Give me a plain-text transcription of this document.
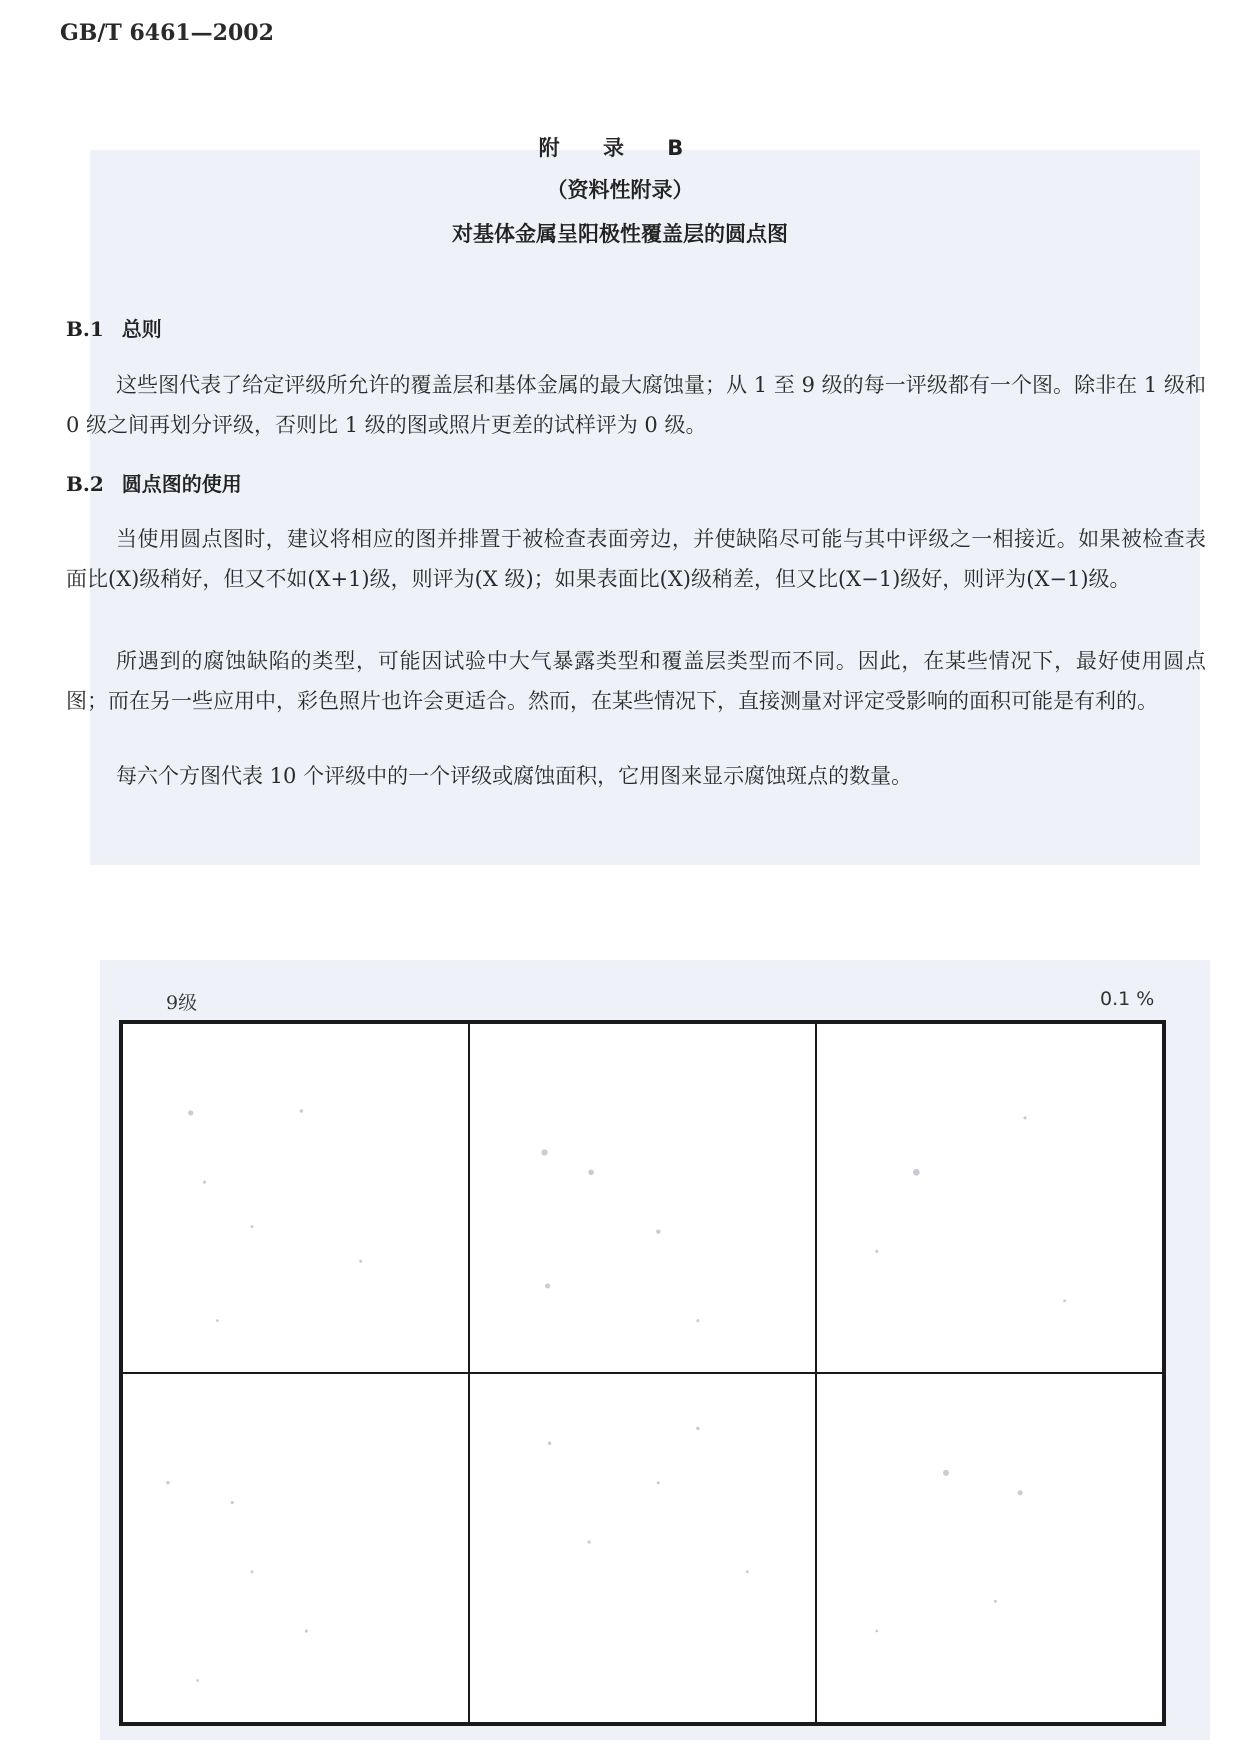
GB/T 6461—2002
附 录 B
（资料性附录）
对基体金属呈阳极性覆盖层的圆点图
B.1 总则

这些图代表了给定评级所允许的覆盖层和基体金属的最大腐蚀量；从 1 至 9 级的每一评级都有一个图。除非在 1 级和 0 级之间再划分评级，否则比 1 级的图或照片更差的试样评为 0 级。

B.2 圆点图的使用

当使用圆点图时，建议将相应的图并排置于被检查表面旁边，并使缺陷尽可能与其中评级之一相接近。如果被检查表面比(X)级稍好，但又不如(X+1)级，则评为(X 级)；如果表面比(X)级稍差，但又比(X−1)级好，则评为(X−1)级。

所遇到的腐蚀缺陷的类型，可能因试验中大气暴露类型和覆盖层类型而不同。因此，在某些情况下，最好使用圆点图；而在另一些应用中，彩色照片也许会更适合。然而，在某些情况下，直接测量对评定受影响的面积可能是有利的。

每六个方图代表 10 个评级中的一个评级或腐蚀面积，它用图来显示腐蚀斑点的数量。

9级	0.1 %
